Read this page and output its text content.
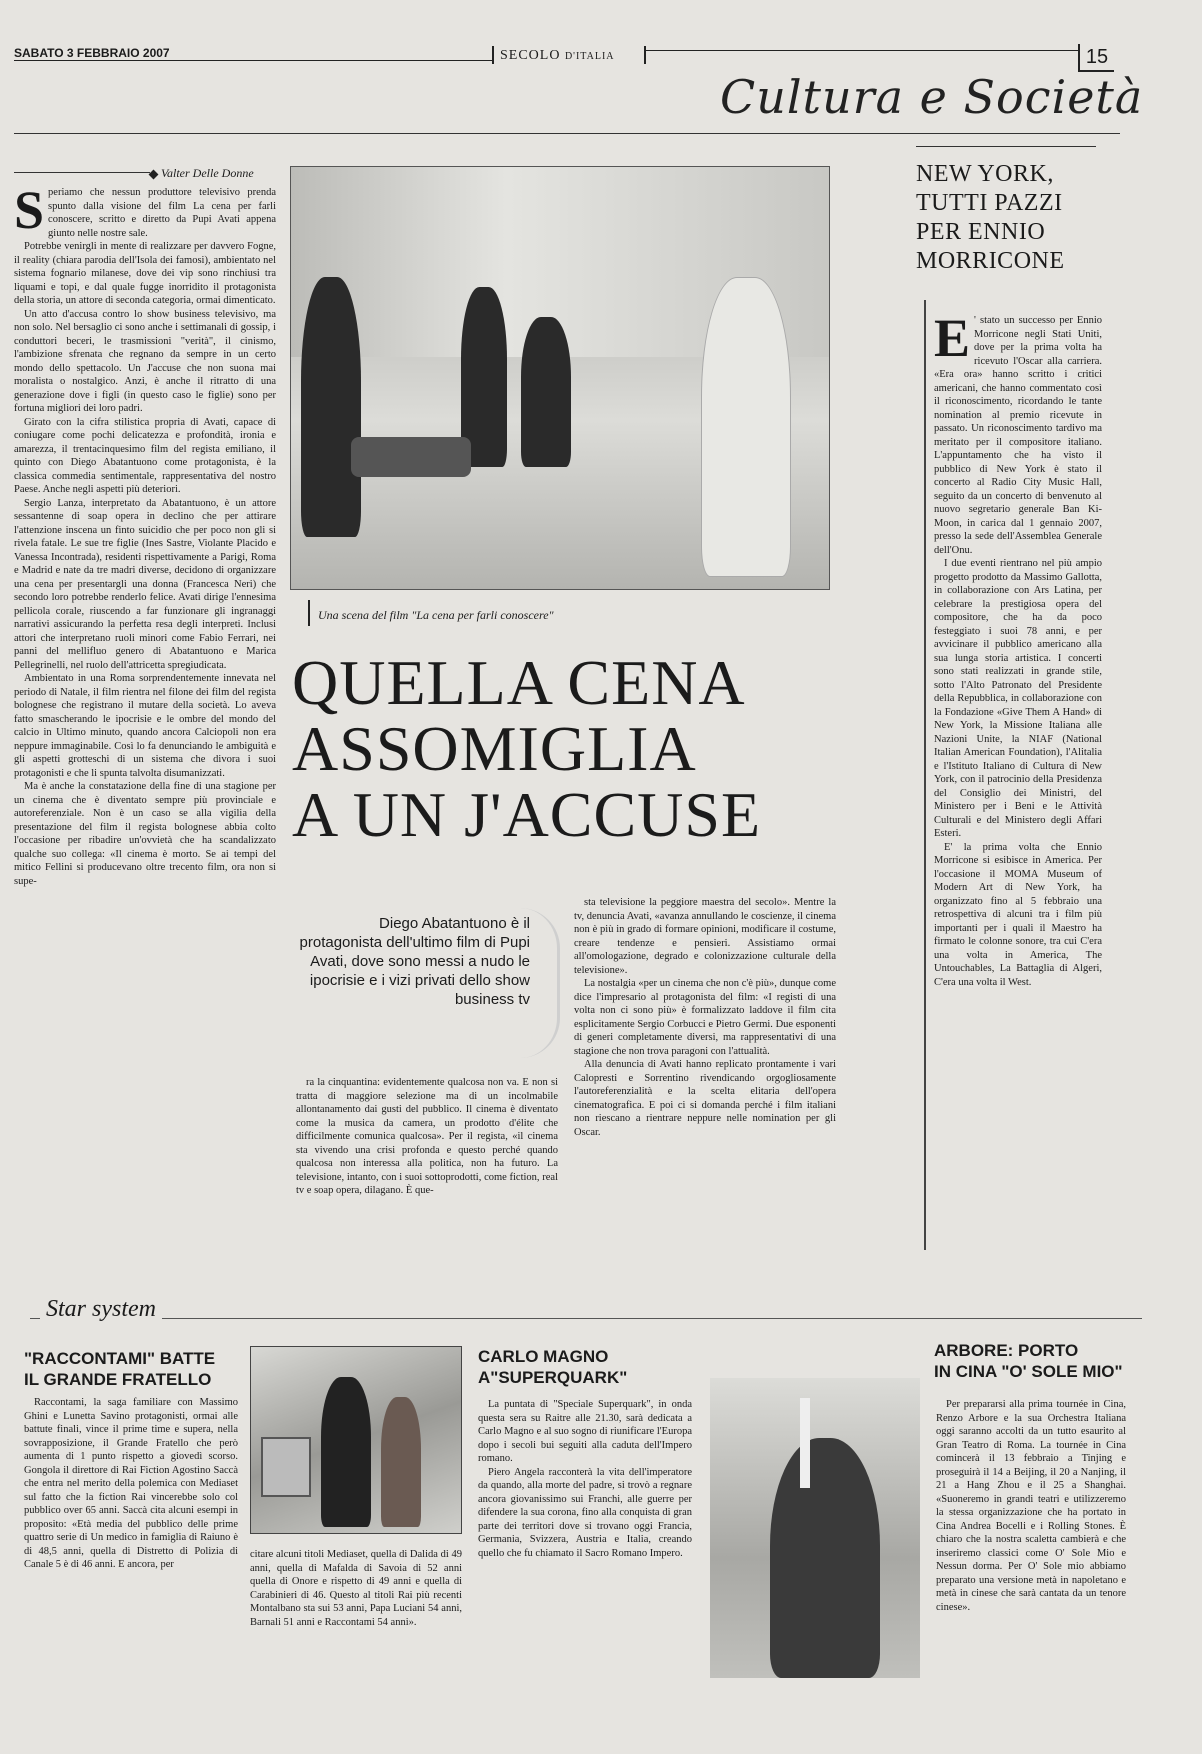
SABATO 3 FEBBRAIO 2007	SECOLO D'ITALIA	15
Cultura e Società
Valter Delle Donne
S periamo che nessun produttore televisivo prenda spunto dalla visione del film La cena per farli conoscere, scritto e diretto da Pupi Avati appena giunto nelle nostre sale.

Potrebbe venirgli in mente di realizzare per davvero Fogne, il reality (chiara parodia dell'Isola dei famosi), ambientato nel sistema fognario milanese, dove dei vip sono rinchiusi tra liquami e topi, e dal quale fugge inorridito il protagonista della storia, un attore di seconda categoria, ormai dimenticato.

Un atto d'accusa contro lo show business televisivo, ma non solo. Nel bersaglio ci sono anche i settimanali di gossip, i conduttori beceri, le trasmissioni "verità", il cinismo, l'ambizione sfrenata che regnano da sempre in un certo mondo dello spettacolo. Un J'accuse che non suona mai moralista o nostalgico. Anzi, è anche il ritratto di una generazione dove i figli (in questo caso le figlie) sono per fortuna migliori dei loro padri.

Girato con la cifra stilistica propria di Avati, capace di coniugare come pochi delicatezza e profondità, ironia e amarezza, il trentacinquesimo film del regista emiliano, il quinto con Diego Abatantuono come protagonista, è la classica commedia sentimentale, rappresentativa del nostro Paese. Anche negli aspetti più deteriori.

Sergio Lanza, interpretato da Abatantuono, è un attore sessantenne di soap opera in declino che per attirare l'attenzione inscena un finto suicidio che per poco non gli si rivela fatale. Le sue tre figlie (Ines Sastre, Violante Placido e Vanessa Incontrada), residenti rispettivamente a Parigi, Roma e Madrid e nate da tre madri diverse, decidono di organizzare una cena per presentargli una donna (Francesca Neri) che secondo loro potrebbe renderlo felice. Avati dirige l'ennesima pellicola corale, riuscendo a far funzionare gli ingranaggi narrativi assicurando la perfetta resa degli interpreti. Inclusi attori che interpretano ruoli minori come Fabio Ferrari, nei panni del mellifluo genero di Abatantuono e Marica Pellegrinelli, nel ruolo dell'attricetta spregiudicata.

Ambientato in una Roma sorprendentemente innevata nel periodo di Natale, il film rientra nel filone dei film del regista bolognese che registrano il mutare della società. Lo aveva fatto smascherando le ipocrisie e le ombre del mondo del calcio in Ultimo minuto, quando ancora Calciopoli non era neppure immaginabile. Così lo fa denunciando le ambiguità e gli aspetti grotteschi di un sistema che divora i suoi protagonisti e che li spunta talvolta disumanizzati.

Ma è anche la constatazione della fine di una stagione per un cinema che è diventato sempre più provinciale e autoreferenziale. Non è un caso se alla vigilia della presentazione del film il regista bolognese abbia colto l'occasione per ribadire un'ovvietà che ha scandalizzato qualche suo collega: «Il cinema è morto. Se ai tempi del mitico Fellini si producevano oltre trecento film, ora non si supe-

Una scena del film "La cena per farli conoscere"
QUELLA CENA
ASSOMIGLIA
A UN J'ACCUSE
Diego Abatantuono è il protagonista dell'ultimo film di Pupi Avati, dove sono messi a nudo le ipocrisie e i vizi privati dello show business tv

ra la cinquantina: evidentemente qualcosa non va. E non si tratta di maggiore selezione ma di un incolmabile allontanamento dai gusti del pubblico. Il cinema è diventato come la musica da camera, un prodotto d'élite che difficilmente comunica qualcosa». Per il regista, «il cinema sta vivendo una crisi profonda e questo perché quando qualcosa non interessa alla politica, non ha futuro. La televisione, intanto, con i suoi sottoprodotti, come fiction, real tv e soap opera, dilagano. È que-

sta televisione la peggiore maestra del secolo». Mentre la tv, denuncia Avati, «avanza annullando le coscienze, il cinema non è più in grado di formare opinioni, modificare il costume, creare tendenze e pensieri. Assistiamo ormai all'omologazione, degrado e colonizzazione culturale della televisione».

La nostalgia «per un cinema che non c'è più», dunque come dice l'impresario al protagonista del film: «I registi di una volta non ci sono più» è formalizzato laddove il film cita esplicitamente Sergio Corbucci e Pietro Germi. Due esponenti di generi completamente diversi, ma rappresentativi di una stagione che non trova paragoni con l'attualità.

Alla denuncia di Avati hanno replicato prontamente i vari Calopresti e Sorrentino rivendicando orgogliosamente l'autoreferenzialità e la scelta elitaria dell'opera cinematografica. E poi ci si domanda perché i film italiani non riescano a rientrare neppure nelle nomination per gli Oscar.

NEW YORK,
TUTTI PAZZI
PER ENNIO
MORRICONE
E ' stato un successo per Ennio Morricone negli Stati Uniti, dove per la prima volta ha ricevuto l'Oscar alla carriera. «Era ora» hanno scritto i critici americani, che hanno commentato così il riconoscimento, ricordando le tante nomination al premio ricevute in passato. Un riconoscimento tardivo ma meritato per il compositore italiano. L'appuntamento che ha visto il pubblico di New York è stato il concerto al Radio City Music Hall, seguito da un concerto di benvenuto al nuovo segretario generale Ban Ki-Moon, in carica dal 1 gennaio 2007, presso la sede dell'Assemblea Generale dell'Onu.

I due eventi rientrano nel più ampio progetto prodotto da Massimo Gallotta, in collaborazione con Ars Latina, per celebrare la prestigiosa opera del compositore, che ha da poco festeggiato i suoi 78 anni, e per avvicinare il pubblico americano alla sua lunga storia artistica. I concerti sono stati realizzati in grande stile, sotto l'Alto Patronato del Presidente della Repubblica, in collaborazione con la Fondazione «Give Them A Hand» di New York, la Missione Italiana alle Nazioni Unite, la NIAF (National Italian American Foundation), l'Alitalia e l'Istituto Italiano di Cultura di New York, con il patrocinio della Presidenza del Consiglio dei Ministri, del Ministero per i Beni e le Attività Culturali e del Ministero degli Affari Esteri.

E' la prima volta che Ennio Morricone si esibisce in America. Per l'occasione il MOMA Museum of Modern Art di New York, ha organizzato fino al 5 febbraio una retrospettiva di alcuni tra i film più importanti per i quali il Maestro ha firmato le colonne sonore, tra cui C'era una volta in America, The Untouchables, La Battaglia di Algeri, C'era una volta il West.

Star system
"RACCONTAMI" BATTE
IL GRANDE FRATELLO

Raccontami, la saga familiare con Massimo Ghini e Lunetta Savino protagonisti, ormai alle battute finali, vince il prime time e supera, nella sovrapposizione, il Grande Fratello che però aumenta di 1 punto rispetto a giovedì scorso. Gongola il direttore di Rai Fiction Agostino Saccà che entra nel merito della polemica con Mediaset sul fatto che la fiction Rai vincerebbe solo col pubblico over 65 anni. Saccà cita alcuni esempi in proposito: «Età media del pubblico delle prime quattro serie di Un medico in famiglia di Raiuno è di 48,5 anni, quella di Distretto di Polizia di Canale 5 è di 46 anni. E ancora, per

citare alcuni titoli Mediaset, quella di Dalida di 49 anni, quella di Mafalda di Savoia di 52 anni quella di Onore e rispetto di 49 anni e quella di Carabinieri di 46. Questo al titoli Rai più recenti Montalbano sta sui 53 anni, Papa Luciani 54 anni, Barnali 51 anni e Raccontami 54 anni».

CARLO MAGNO
A"SUPERQUARK"

La puntata di "Speciale Superquark", in onda questa sera su Raitre alle 21.30, sarà dedicata a Carlo Magno e al suo sogno di riunificare l'Europa dopo i secoli bui seguiti alla caduta dell'Impero romano.

Piero Angela racconterà la vita dell'imperatore da quando, alla morte del padre, si trovò a regnare ancora giovanissimo sui Franchi, alle guerre per difendere la sua corona, fino alla conquista di gran parte dei territori dove si trovano oggi Francia, Germania, Svizzera, Austria e Italia, creando quello che fu chiamato il Sacro Romano Impero.

ARBORE: PORTO
IN CINA "O' SOLE MIO"

Per prepararsi alla prima tournée in Cina, Renzo Arbore e la sua Orchestra Italiana oggi saranno accolti da un tutto esaurito al Gran Teatro di Roma. La tournée in Cina comincerà il 13 febbraio a Tinjing e proseguirà il 14 a Beijing, il 20 a Nanjing, il 21 a Hang Zhou e il 25 a Shanghai. «Suoneremo in grandi teatri e utilizzeremo la stessa organizzazione che ha portato in Cina Andrea Bocelli e i Rolling Stones. È chiaro che la nostra scaletta cambierà e che inseriremo classici come O' Sole Mio e Nessun dorma. Per O' Sole mio abbiamo preparato una versione metà in napoletano e metà in cinese che sarà cantata da un tenore cinese».
